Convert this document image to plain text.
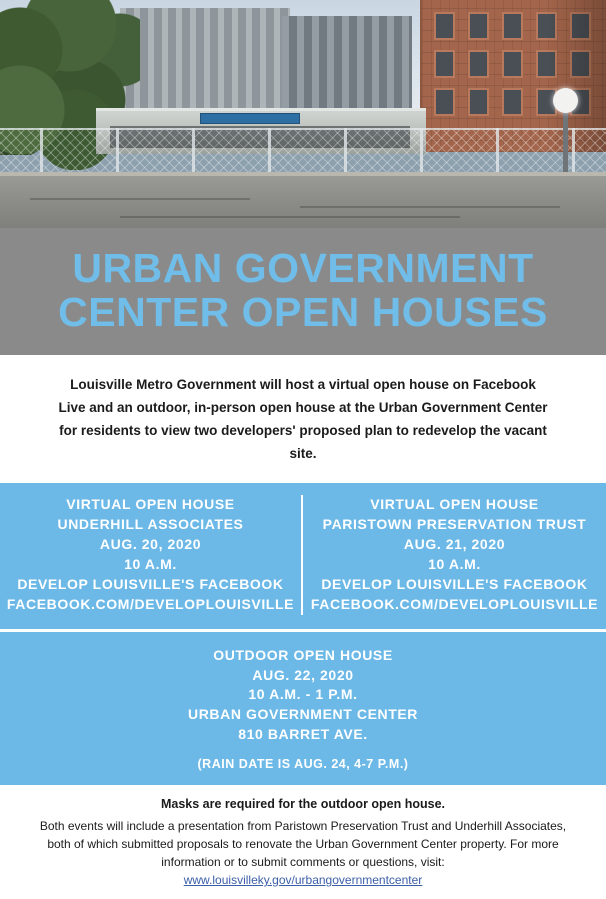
URBAN GOVERNMENT
CENTER OPEN HOUSES

Louisville Metro Government will host a virtual open house on Facebook Live and an outdoor, in-person open house at the Urban Government Center for residents to view two developers' proposed plan to redevelop the vacant site.

VIRTUAL OPEN HOUSE
UNDERHILL ASSOCIATES
AUG. 20, 2020
10 A.M.
DEVELOP LOUISVILLE'S FACEBOOK
FACEBOOK.COM/DEVELOPLOUISVILLE
VIRTUAL OPEN HOUSE
PARISTOWN PRESERVATION TRUST
AUG. 21, 2020
10 A.M.
DEVELOP LOUISVILLE'S FACEBOOK
FACEBOOK.COM/DEVELOPLOUISVILLE
OUTDOOR OPEN HOUSE
AUG. 22, 2020
10 A.M. - 1 P.M.
URBAN GOVERNMENT CENTER
810 BARRET AVE.
(RAIN DATE IS AUG. 24, 4-7 P.M.)
Masks are required for the outdoor open house.
Both events will include a presentation from Paristown Preservation Trust and Underhill Associates, both of which submitted proposals to renovate the Urban Government Center property. For more information or to submit comments or questions, visit:
www.louisvilleky.gov/urbangovernmentcenter
